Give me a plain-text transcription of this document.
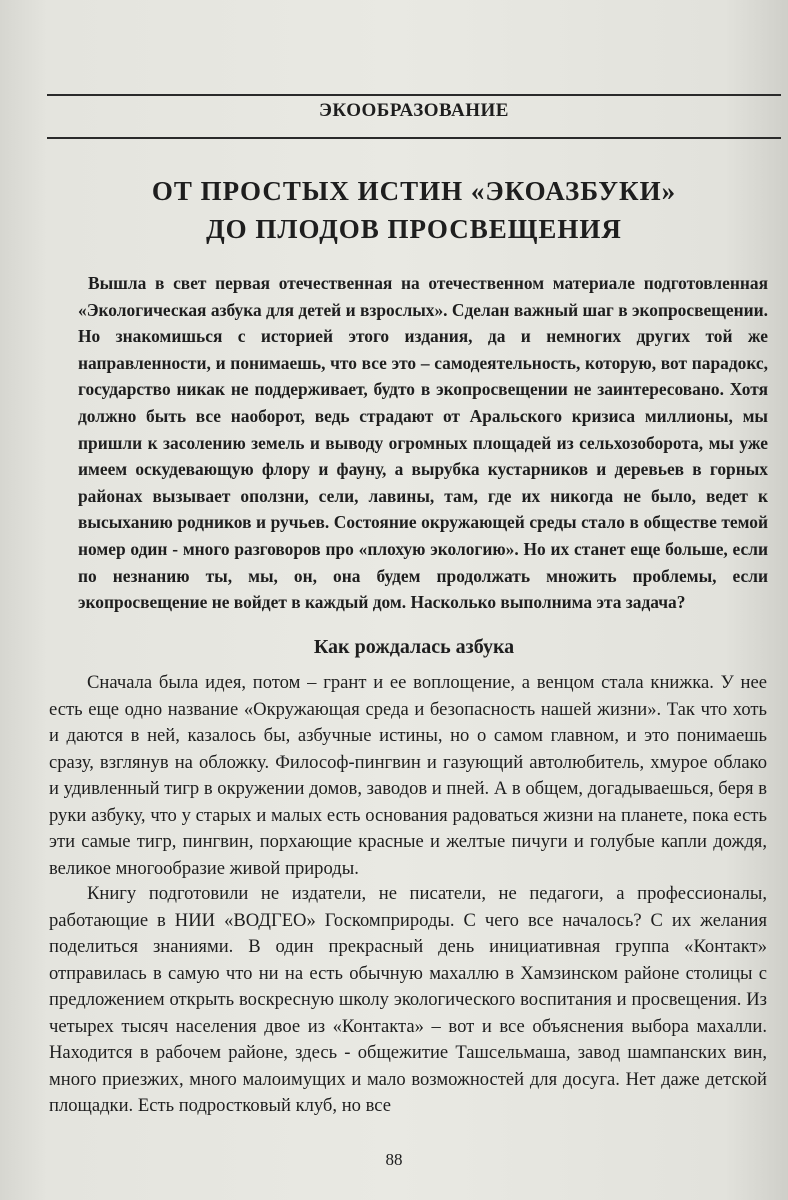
ЭКООБРАЗОВАНИЕ
ОТ ПРОСТЫХ ИСТИН «ЭКОАЗБУКИ»
ДО ПЛОДОВ ПРОСВЕЩЕНИЯ

Вышла в свет первая отечественная на отечественном материале подготовленная «Экологическая азбука для детей и взрослых». Сделан важный шаг в экопросвещении. Но знакомишься с историей этого издания, да и немногих других той же направленности, и понимаешь, что все это – самодеятельность, которую, вот парадокс, государство никак не поддерживает, будто в экопросвещении не заинтересовано. Хотя должно быть все наоборот, ведь страдают от Аральского кризиса миллионы, мы пришли к засолению земель и выводу огромных площадей из сельхозоборота, мы уже имеем оскудевающую флору и фауну, а вырубка кустарников и деревьев в горных районах вызывает оползни, сели, лавины, там, где их никогда не было, ведет к высыханию родников и ручьев. Состояние окружающей среды стало в обществе темой номер один - много разговоров про «плохую экологию». Но их станет еще больше, если по незнанию ты, мы, он, она будем продолжать множить проблемы, если экопросвещение не войдет в каждый дом. Насколько выполнима эта задача?

Как рождалась азбука

Сначала была идея, потом – грант и ее воплощение, а венцом стала книжка. У нее есть еще одно название «Окружающая среда и безопасность нашей жизни». Так что хоть и даются в ней, казалось бы, азбучные истины, но о самом главном, и это понимаешь сразу, взглянув на обложку. Философ-пингвин и газующий автолюбитель, хмурое облако и удивленный тигр в окружении домов, заводов и пней. А в общем, догадываешься, беря в руки азбуку, что у старых и малых есть основания радоваться жизни на планете, пока есть эти самые тигр, пингвин, порхающие красные и желтые пичуги и голубые капли дождя, великое многообразие живой природы.

Книгу подготовили не издатели, не писатели, не педагоги, а профессионалы, работающие в НИИ «ВОДГЕО» Госкомприроды. С чего все началось? С их желания поделиться знаниями. В один прекрасный день инициативная группа «Контакт» отправилась в самую что ни на есть обычную махаллю в Хамзинском районе столицы с предложением открыть воскресную школу экологического воспитания и просвещения. Из четырех тысяч населения двое из «Контакта» – вот и все объяснения выбора махалли. Находится в рабочем районе, здесь - общежитие Ташсельмаша, завод шампанских вин, много приезжих, много малоимущих и мало возможностей для досуга. Нет даже детской площадки. Есть подростковый клуб, но все

88
